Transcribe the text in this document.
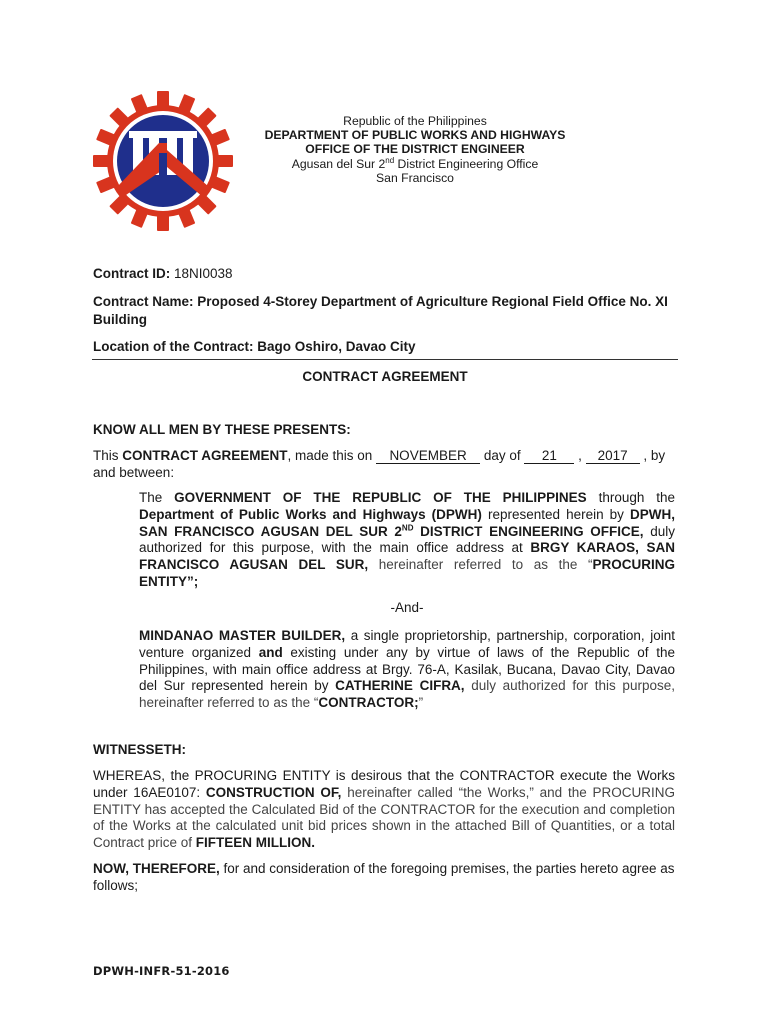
Republic of the Philippines
DEPARTMENT OF PUBLIC WORKS AND HIGHWAYS
OFFICE OF THE DISTRICT ENGINEER
Agusan del Sur 2nd District Engineering Office
San Francisco
Contract ID: 18NI0038
Contract Name: Proposed 4-Storey Department of Agriculture Regional Field Office No. XI Building
Location of the Contract: Bago Oshiro, Davao City
CONTRACT AGREEMENT
KNOW ALL MEN BY THESE PRESENTS:
This CONTRACT AGREEMENT, made this on NOVEMBER day of 21 , 2017 , by and between:
The GOVERNMENT OF THE REPUBLIC OF THE PHILIPPINES through the Department of Public Works and Highways (DPWH) represented herein by DPWH, SAN FRANCISCO AGUSAN DEL SUR 2ND DISTRICT ENGINEERING OFFICE, duly authorized for this purpose, with the main office address at BRGY KARAOS, SAN FRANCISCO AGUSAN DEL SUR, hereinafter referred to as the “PROCURING ENTITY”;
-And-
MINDANAO MASTER BUILDER, a single proprietorship, partnership, corporation, joint venture organized and existing under any by virtue of laws of the Republic of the Philippines, with main office address at Brgy. 76-A, Kasilak, Bucana, Davao City, Davao del Sur represented herein by CATHERINE CIFRA, duly authorized for this purpose, hereinafter referred to as the “CONTRACTOR;”
WITNESSETH:
WHEREAS, the PROCURING ENTITY is desirous that the CONTRACTOR execute the Works under 16AE0107: CONSTRUCTION OF, hereinafter called “the Works,” and the PROCURING ENTITY has accepted the Calculated Bid of the CONTRACTOR for the execution and completion of the Works at the calculated unit bid prices shown in the attached Bill of Quantities, or a total Contract price of FIFTEEN MILLION.
NOW, THEREFORE, for and consideration of the foregoing premises, the parties hereto agree as follows;
DPWH-INFR-51-2016
